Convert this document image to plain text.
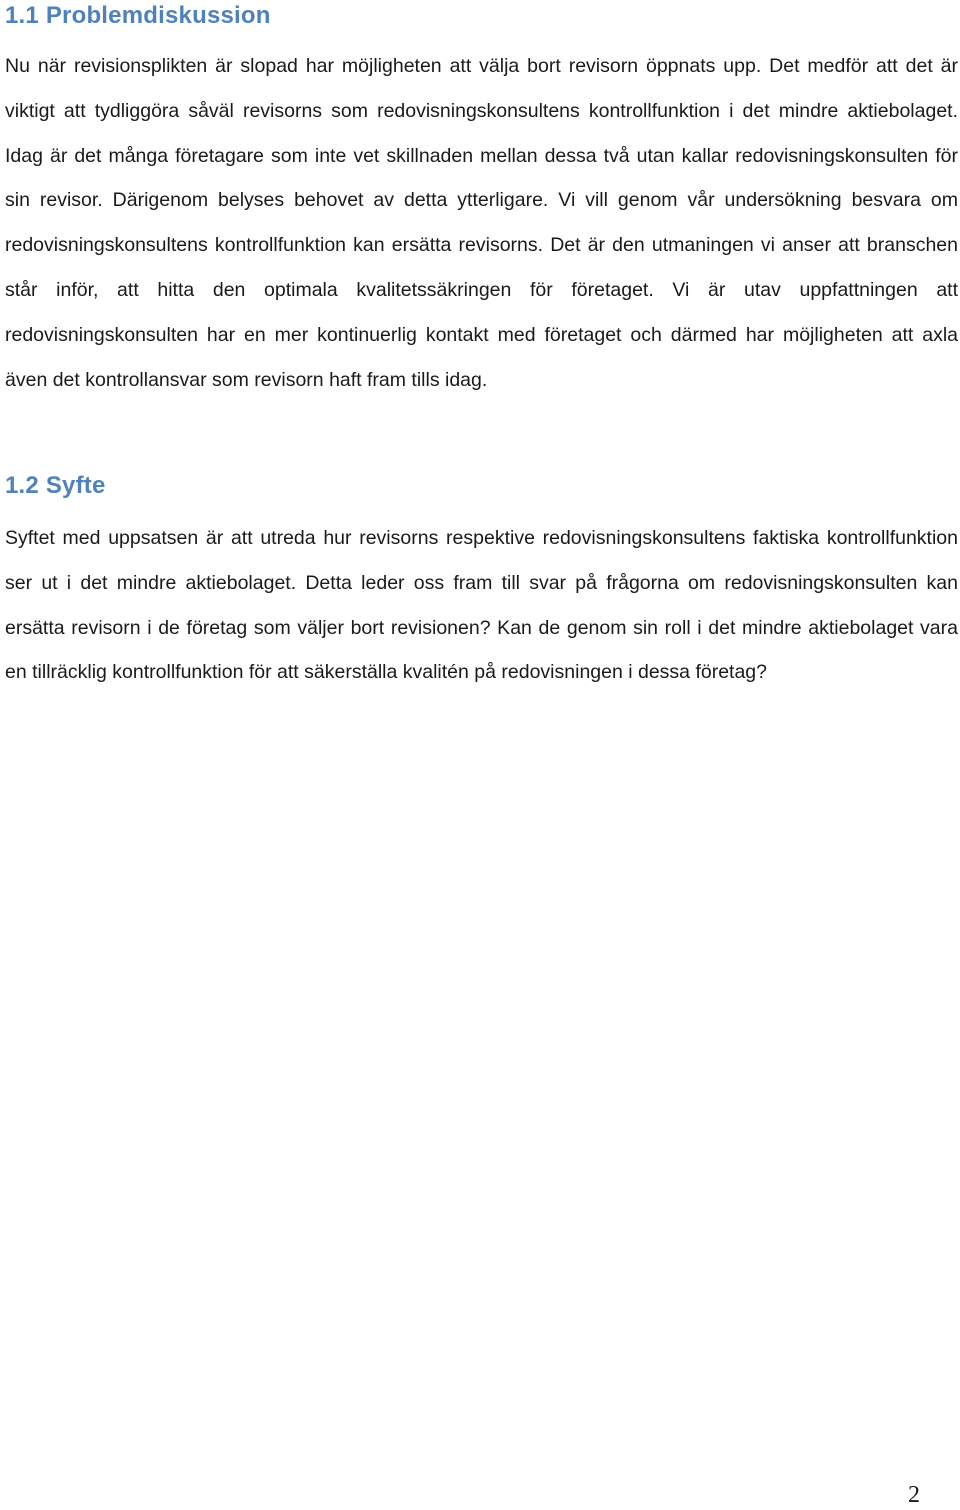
1.1 Problemdiskussion

Nu när revisionsplikten är slopad har möjligheten att välja bort revisorn öppnats upp. Det medför att det är viktigt att tydliggöra såväl revisorns som redovisningskonsultens kontrollfunktion i det mindre aktiebolaget. Idag är det många företagare som inte vet skillnaden mellan dessa två utan kallar redovisningskonsulten för sin revisor. Därigenom belyses behovet av detta ytterligare. Vi vill genom vår undersökning besvara om redovisningskonsultens kontrollfunktion kan ersätta revisorns. Det är den utmaningen vi anser att branschen står inför, att hitta den optimala kvalitetssäkringen för företaget. Vi är utav uppfattningen att redovisningskonsulten har en mer kontinuerlig kontakt med företaget och därmed har möjligheten att axla även det kontrollansvar som revisorn haft fram tills idag.

1.2 Syfte

Syftet med uppsatsen är att utreda hur revisorns respektive redovisningskonsultens faktiska kontrollfunktion ser ut i det mindre aktiebolaget. Detta leder oss fram till svar på frågorna om redovisningskonsulten kan ersätta revisorn i de företag som väljer bort revisionen? Kan de genom sin roll i det mindre aktiebolaget vara en tillräcklig kontrollfunktion för att säkerställa kvalitén på redovisningen i dessa företag?

2
